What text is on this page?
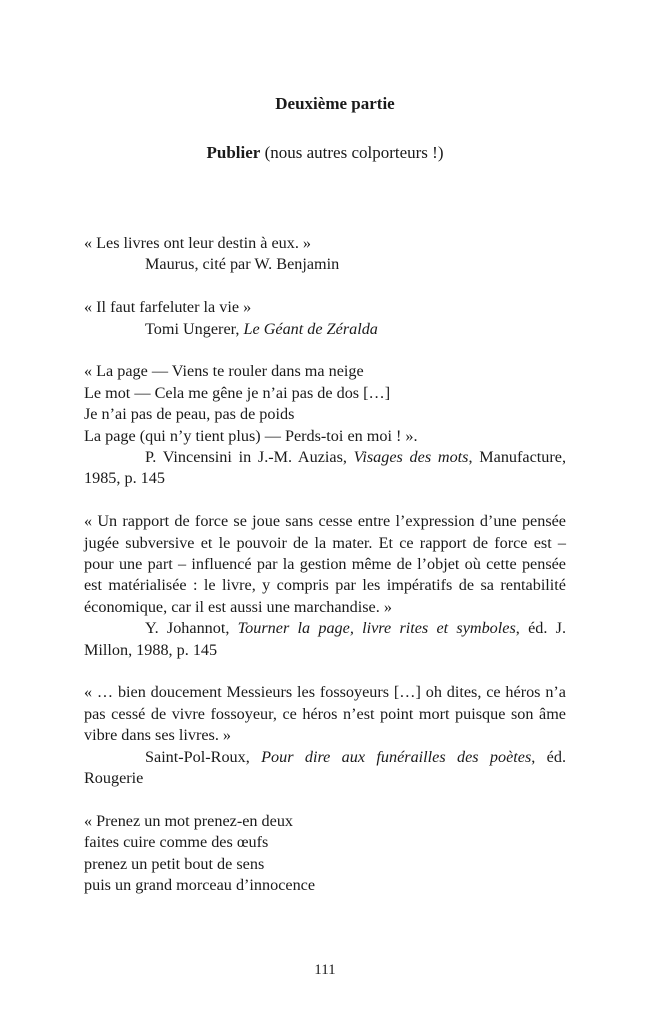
Deuxième partie
Publier (nous autres colporteurs !)
« Les livres ont leur destin à eux. »
Maurus, cité par W. Benjamin
« Il faut farfeluter la vie »
Tomi Ungerer, Le Géant de Zéralda
« La page — Viens te rouler dans ma neige
Le mot — Cela me gêne je n’ai pas de dos […]
Je n’ai pas de peau, pas de poids
La page (qui n’y tient plus) — Perds-toi en moi ! ».
P. Vincensini in J.-M. Auzias, Visages des mots, Manufacture, 1985, p. 145
« Un rapport de force se joue sans cesse entre l’expression d’une pensée jugée subversive et le pouvoir de la mater. Et ce rapport de force est – pour une part – influencé par la gestion même de l’objet où cette pensée est matérialisée : le livre, y compris par les impératifs de sa rentabilité économique, car il est aussi une marchandise. »
Y. Johannot, Tourner la page, livre rites et symboles, éd. J. Millon, 1988, p. 145
« … bien doucement Messieurs les fossoyeurs […] oh dites, ce héros n’a pas cessé de vivre fossoyeur, ce héros n’est point mort puisque son âme vibre dans ses livres. »
Saint-Pol-Roux, Pour dire aux funérailles des poètes, éd. Rougerie
« Prenez un mot prenez-en deux
faites cuire comme des œufs
prenez un petit bout de sens
puis un grand morceau d’innocence
111
